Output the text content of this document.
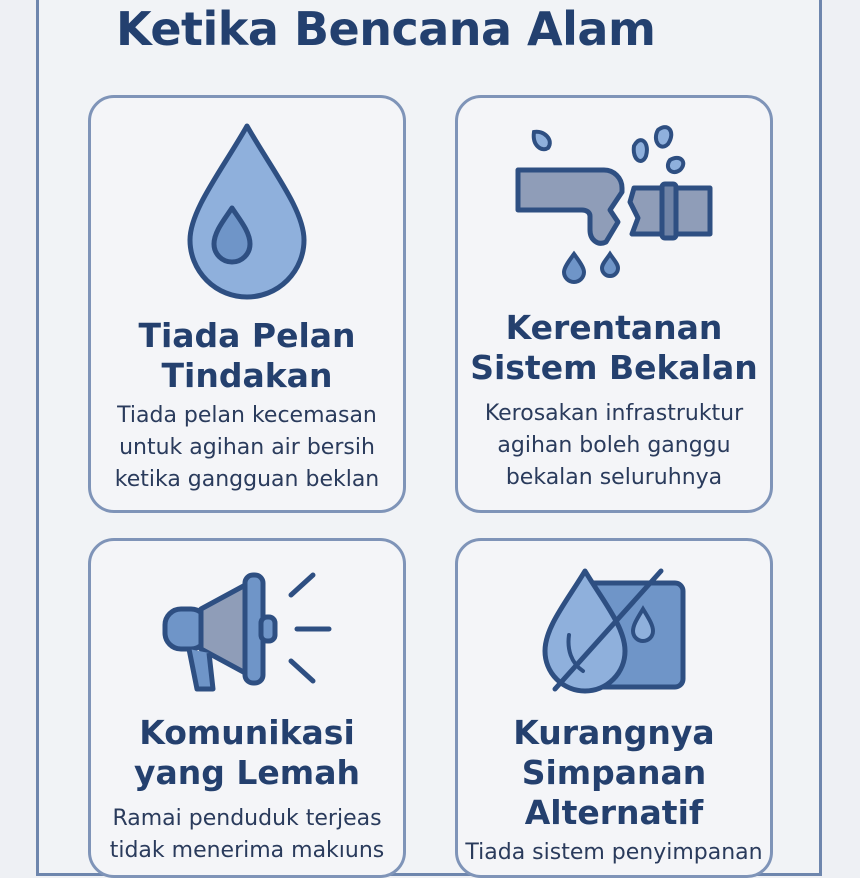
Ketika Bencana Alam
Tiada Pelan
Tindakan
Tiada pelan kecemasan
untuk agihan air bersih
ketika gangguan beklan
Kerentanan
Sistem Bekalan
Kerosakan infrastruktur
agihan boleh ganggu
bekalan seluruhnya
Komunikasi
yang Lemah
Ramai penduduk terjeas
tidak menerima makıuns
Kurangnya
Simpanan
Alternatif
Tiada sistem penyimpanan
